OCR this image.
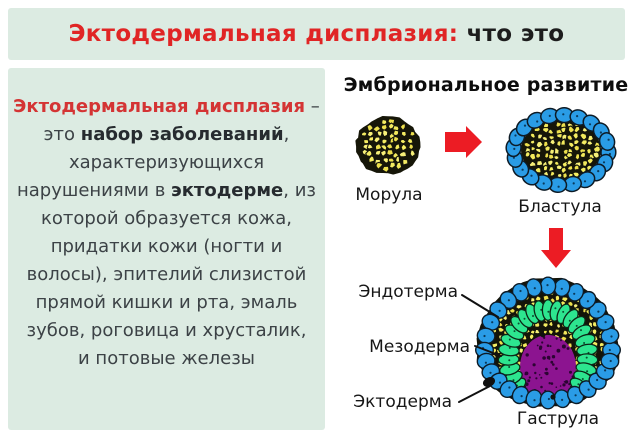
Эктодермальная дисплазия: что это
Эктодермальная дисплазия –
это набор заболеваний,
характеризующихся
нарушениями в эктодерме, из
которой образуется кожа,
придатки кожи (ногти и
волосы), эпителий слизистой
прямой кишки и рта, эмаль
зубов, роговица и хрусталик,
и потовые железы
Эмбриональное развитие
Морула
Бластула
Гаструла
Эндотерма
Мезодерма
Эктодерма
